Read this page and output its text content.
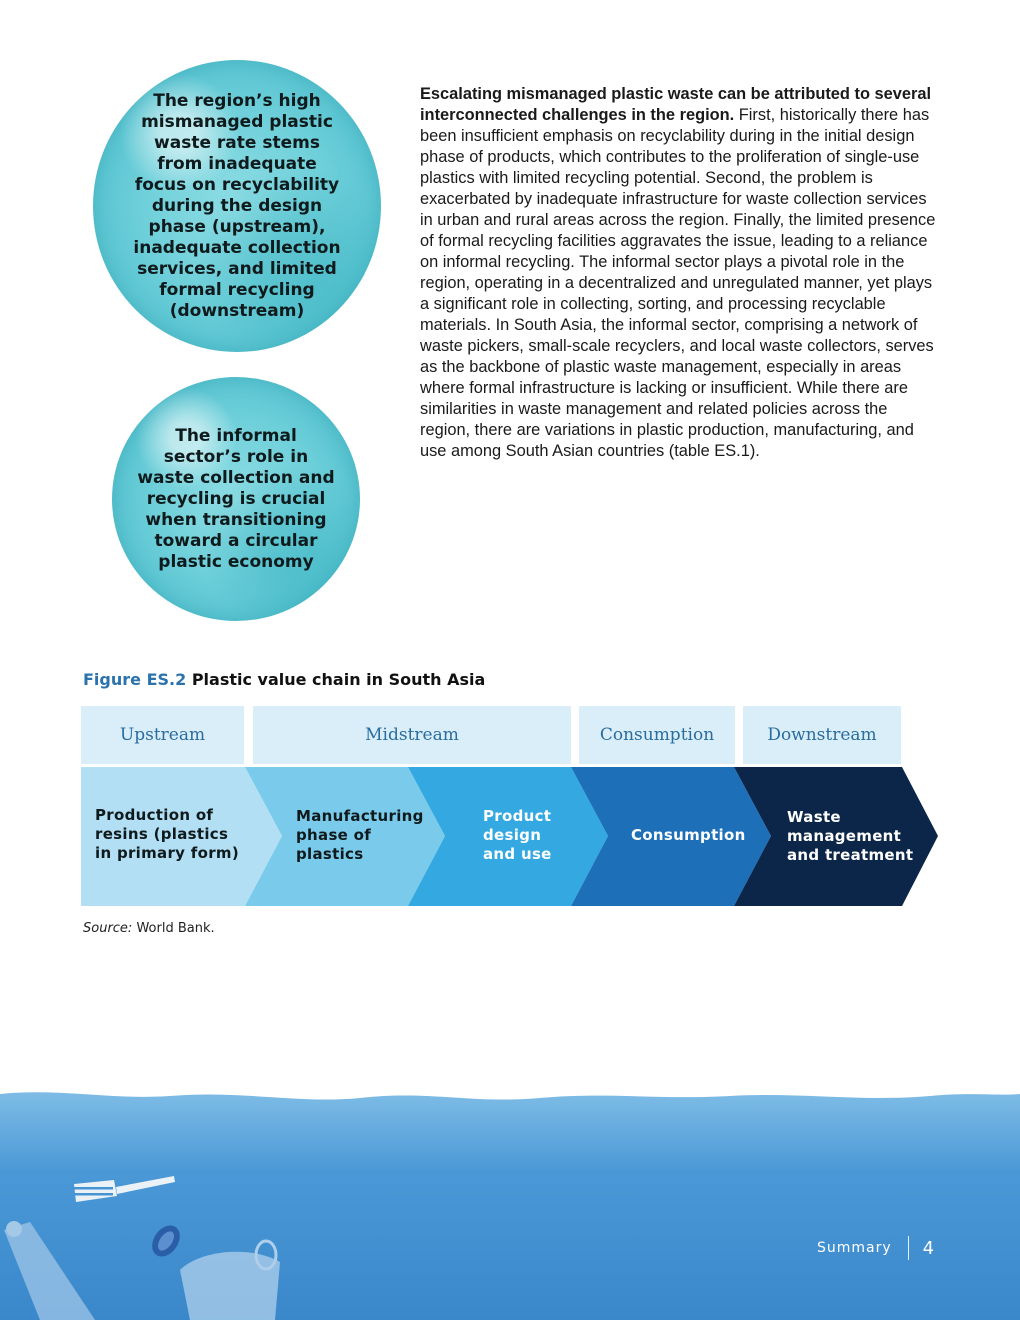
The region’s high mismanaged plastic waste rate stems from inadequate focus on recyclability during the design phase (upstream), inadequate collection services, and limited formal recycling (downstream)
The informal sector’s role in waste collection and recycling is crucial when transitioning toward a circular plastic economy
Escalating mismanaged plastic waste can be attributed to several interconnected challenges in the region. First, historically there has been insufficient emphasis on recyclability during in the initial design phase of products, which contributes to the proliferation of single-use plastics with limited recycling potential. Second, the problem is exacerbated by inadequate infrastructure for waste collection services in urban and rural areas across the region. Finally, the limited presence of formal recycling facilities aggravates the issue, leading to a reliance on informal recycling. The informal sector plays a pivotal role in the region, operating in a decentralized and unregulated manner, yet plays a significant role in collecting, sorting, and processing recyclable materials. In South Asia, the informal sector, comprising a network of waste pickers, small-scale recyclers, and local waste collectors, serves as the backbone of plastic waste management, especially in areas where formal infrastructure is lacking or insufficient. While there are similarities in waste management and related policies across the region, there are variations in plastic production, manufacturing, and use among South Asian countries (table ES.1).
Figure ES.2 Plastic value chain in South Asia
Upstream	Midstream	Consumption	Downstream
Production of resins (plastics in primary form)
Manufacturing phase of plastics
Product design and use
Consumption
Waste management and treatment
Source: World Bank.
Summary 4
